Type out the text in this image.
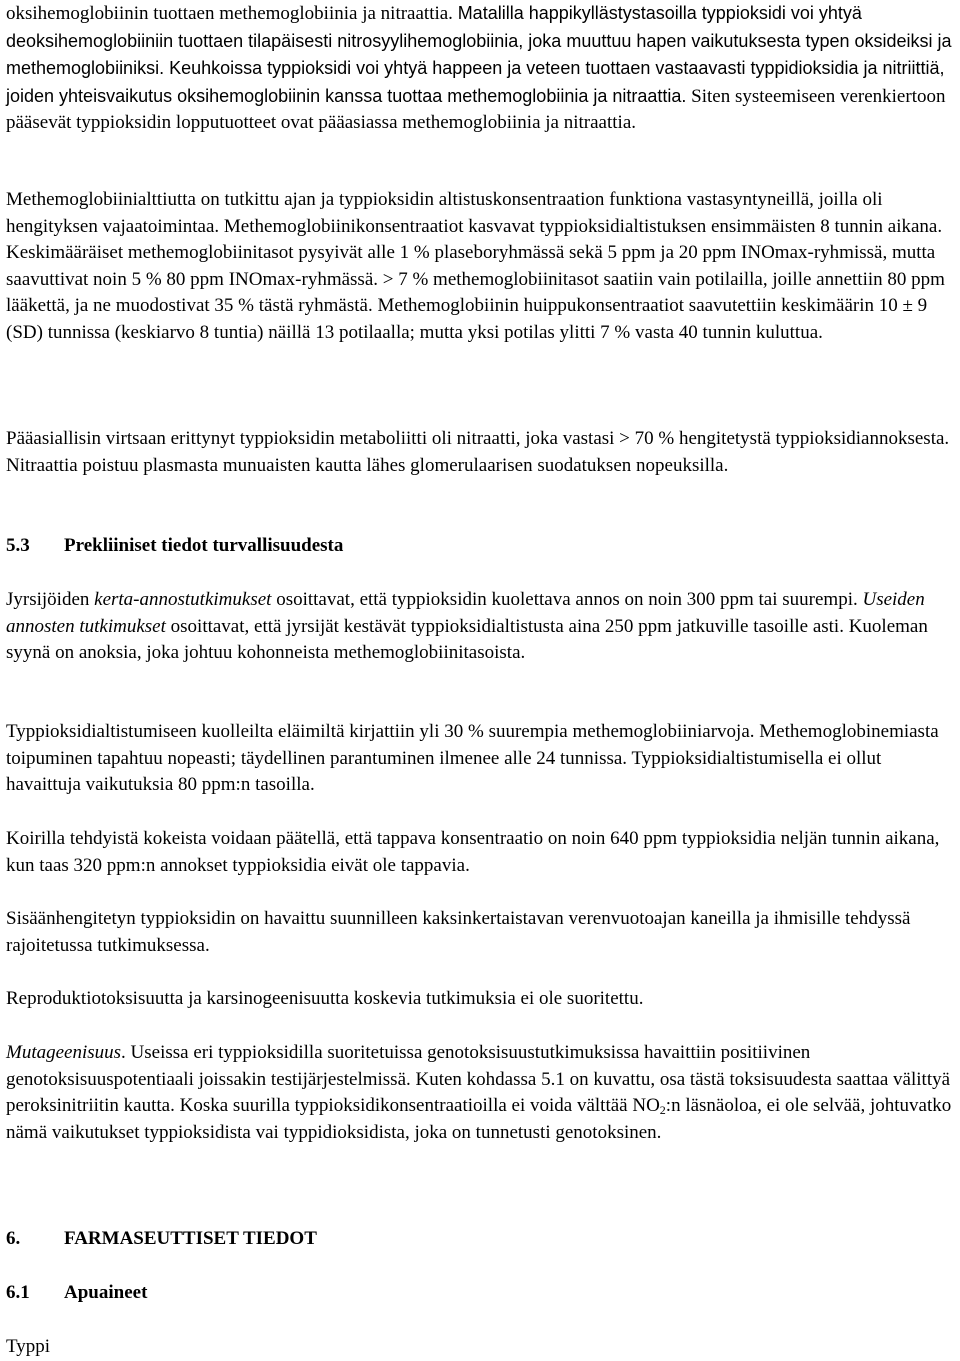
oksihemoglobiinin tuottaen methemoglobiinia ja nitraattia. Matalilla happikyllästystasoilla typpioksidi voi yhtyä deoksihemoglobiiniin tuottaen tilapäisesti nitrosyylihemoglobiinia, joka muuttuu hapen vaikutuksesta typen oksideiksi ja methemoglobiiniksi. Keuhkoissa typpioksidi voi yhtyä happeen ja veteen tuottaen vastaavasti typpidioksidia ja nitriittiä, joiden yhteisvaikutus oksihemoglobiinin kanssa tuottaa methemoglobiinia ja nitraattia. Siten systeemiseen verenkiertoon pääsevät typpioksidin lopputuotteet ovat pääasiassa methemoglobiinia ja nitraattia.

Methemoglobiinialttiutta on tutkittu ajan ja typpioksidin altistuskonsentraation funktiona vastasyntyneillä, joilla oli hengityksen vajaatoimintaa. Methemoglobiinikonsentraatiot kasvavat typpioksidialtistuksen ensimmäisten 8 tunnin aikana. Keskimääräiset methemoglobiinitasot pysyivät alle 1 % plaseboryhmässä sekä 5 ppm ja 20 ppm INOmax-ryhmissä, mutta saavuttivat noin 5 % 80 ppm INOmax-ryhmässä. > 7 % methemoglobiinitasot saatiin vain potilailla, joille annettiin 80 ppm lääkettä, ja ne muodostivat 35 % tästä ryhmästä. Methemoglobiinin huippukonsentraatiot saavutettiin keskimäärin 10 ± 9 (SD) tunnissa (keskiarvo 8 tuntia) näillä 13 potilaalla; mutta yksi potilas ylitti 7 % vasta 40 tunnin kuluttua.

Pääasiallisin virtsaan erittynyt typpioksidin metaboliitti oli nitraatti, joka vastasi > 70 % hengitetystä typpioksidiannoksesta. Nitraattia poistuu plasmasta munuaisten kautta lähes glomerulaarisen suodatuksen nopeuksilla.

5.3 Prekliiniset tiedot turvallisuudesta

Jyrsijöiden kerta-annostutkimukset osoittavat, että typpioksidin kuolettava annos on noin 300 ppm tai suurempi. Useiden annosten tutkimukset osoittavat, että jyrsijät kestävät typpioksidialtistusta aina 250 ppm jatkuville tasoille asti. Kuoleman syynä on anoksia, joka johtuu kohonneista methemoglobiinitasoista.

Typpioksidialtistumiseen kuolleilta eläimiltä kirjattiin yli 30 % suurempia methemoglobiiniarvoja. Methemoglobinemiasta toipuminen tapahtuu nopeasti; täydellinen parantuminen ilmenee alle 24 tunnissa. Typpioksidialtistumisella ei ollut havaittuja vaikutuksia 80 ppm:n tasoilla.

Koirilla tehdyistä kokeista voidaan päätellä, että tappava konsentraatio on noin 640 ppm typpioksidia neljän tunnin aikana, kun taas 320 ppm:n annokset typpioksidia eivät ole tappavia.

Sisäänhengitetyn typpioksidin on havaittu suunnilleen kaksinkertaistavan verenvuotoajan kaneilla ja ihmisille tehdyssä rajoitetussa tutkimuksessa.

Reproduktiotoksisuutta ja karsinogeenisuutta koskevia tutkimuksia ei ole suoritettu.

Mutageenisuus. Useissa eri typpioksidilla suoritetuissa genotoksisuustutkimuksissa havaittiin positiivinen genotoksisuuspotentiaali joissakin testijärjestelmissä. Kuten kohdassa 5.1 on kuvattu, osa tästä toksisuudesta saattaa välittyä peroksinitriitin kautta. Koska suurilla typpioksidikonsentraatioilla ei voida välttää $NO_2:n$ läsnäoloa, ei ole selvää, johtuvatko nämä vaikutukset typpioksidista vai typpidioksidista, joka on tunnetusti genotoksinen.

6. FARMASEUTTISET TIEDOT
6.1 Apuaineet

Typpi
